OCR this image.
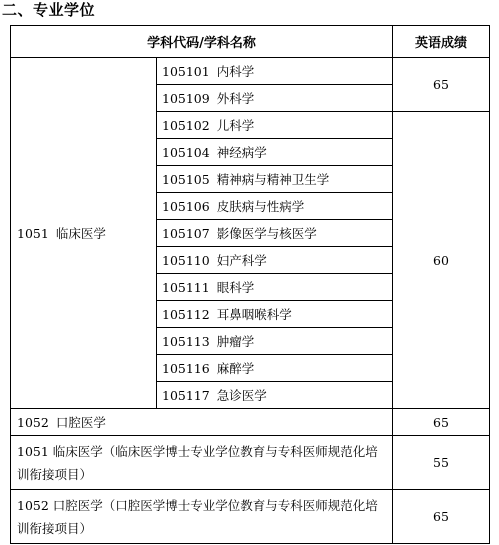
二、专业学位
学科代码/学科名称		英语成绩
1051 临床医学	105101 内科学	65
	105109 外科学	
	105102 儿科学	60
	105104 神经病学	
	105105 精神病与精神卫生学	
	105106 皮肤病与性病学	
	105107 影像医学与核医学	
	105110 妇产科学	
	105111 眼科学	
	105112 耳鼻咽喉科学	
	105113 肿瘤学	
	105116 麻醉学	
	105117 急诊医学	
1052 口腔医学		65
1051 临床医学（临床医学博士专业学位教育与专科医师规范化培训衔接项目）		55
1052 口腔医学（口腔医学博士专业学位教育与专科医师规范化培训衔接项目）		65
